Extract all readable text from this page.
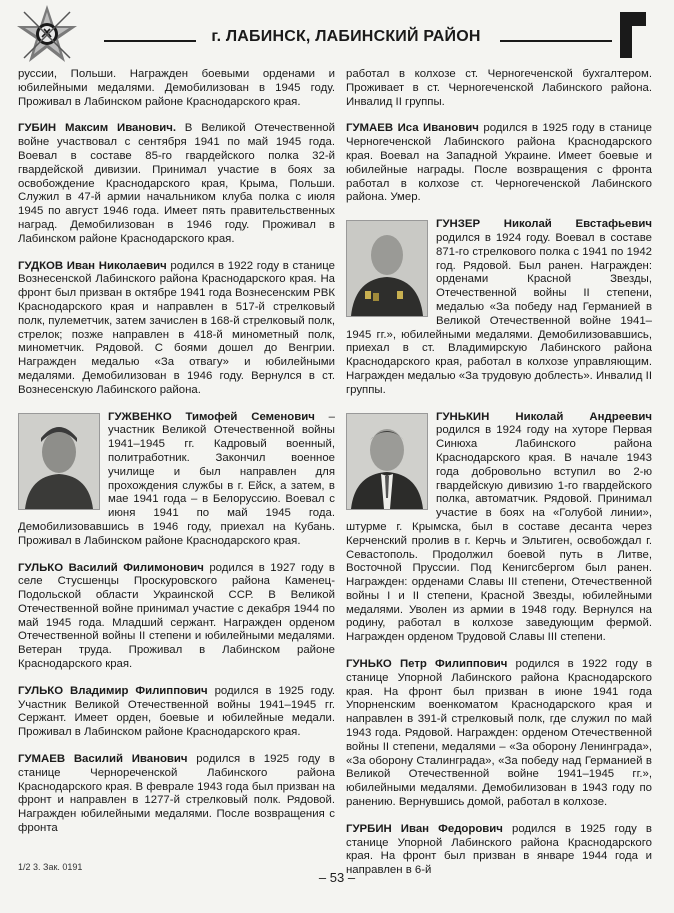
г. ЛАБИНСК, ЛАБИНСКИЙ РАЙОН

руссии, Польши. Награжден боевыми орденами и юбилейными медалями. Демобилизован в 1945 году. Проживал в Лабинском районе Краснодарского края.

ГУБИН Максим Иванович. В Великой Отечественной войне участвовал с сентября 1941 по май 1945 года. Воевал в составе 85-го гвардейского полка 32-й гвардейской дивизии. Принимал участие в боях за освобождение Краснодарского края, Крыма, Польши. Служил в 47-й армии начальником клуба полка с июля 1945 по август 1946 года. Имеет пять правительственных наград. Демобилизован в 1946 году. Проживал в Лабинском районе Краснодарского края.

ГУДКОВ Иван Николаевич родился в 1922 году в станице Вознесенской Лабинского района Краснодарского края. На фронт был призван в октябре 1941 года Вознесенским РВК Краснодарского края и направлен в 517-й стрелковый полк, пулеметчик, затем зачислен в 168-й стрелковый полк, стрелок; позже направлен в 418-й минометный полк, минометчик. Рядовой. С боями дошел до Венгрии. Награжден медалью «За отвагу» и юбилейными медалями. Демобилизован в 1946 году. Вернулся в ст. Вознесенскую Лабинского района.

ГУЖВЕНКО Тимофей Семенович – участник Великой Отечественной войны 1941–1945 гг. Кадровый военный, политработник. Закончил военное училище и был направлен для прохождения службы в г. Ейск, а затем, в мае 1941 года – в Белоруссию. Воевал с июня 1941 по май 1945 года. Демобилизовавшись в 1946 году, приехал на Кубань. Проживал в Лабинском районе Краснодарского края.

ГУЛЬКО Василий Филимонович родился в 1927 году в селе Стусшенцы Проскуровского района Каменец-Подольской области Украинской ССР. В Великой Отечественной войне принимал участие с декабря 1944 по май 1945 года. Младший сержант. Награжден орденом Отечественной войны II степени и юбилейными медалями. Ветеран труда. Проживал в Лабинском районе Краснодарского края.

ГУЛЬКО Владимир Филиппович родился в 1925 году. Участник Великой Отечественной войны 1941–1945 гг. Сержант. Имеет орден, боевые и юбилейные медали. Проживал в Лабинском районе Краснодарского края.

ГУМАЕВ Василий Иванович родился в 1925 году в станице Чернореченской Лабинского района Краснодарского края. В феврале 1943 года был призван на фронт и направлен в 1277-й стрелковый полк. Рядовой. Награжден юбилейными медалями. После возвращения с фронта

работал в колхозе ст. Черноreченской бухгалтером. Проживает в ст. Черноreченской Лабинского района. Инвалид II группы.

ГУМАЕВ Иса Иванович родился в 1925 году в станице Черноreченской Лабинского района Краснодарского края. Воевал на Западной Украине. Имеет боевые и юбилейные награды. После возвращения с фронта работал в колхозе ст. Черноreченской Лабинского района. Умер.

ГУНЗЕР Николай Евстафьевич родился в 1924 году. Воевал в составе 871-го стрелкового полка с 1941 по 1942 год. Рядовой. Был ранен. Награжден: орденами Красной Звезды, Отечественной войны II степени, медалью «За победу над Германией в Великой Отечественной войне 1941–1945 гг.», юбилейными медалями. Демобилизовавшись, приехал в ст. Владимирскую Лабинского района Краснодарского края, работал в колхозе управляющим. Награжден медалью «За трудовую доблесть». Инвалид II группы.

ГУНЬКИН Николай Андреевич родился в 1924 году на хуторе Первая Синюха Лабинского района Краснодарского края. В начале 1943 года добровольно вступил во 2-ю гвардейскую дивизию 1-го гвардейского полка, автоматчик. Рядовой. Принимал участие в боях на «Голубой линии», штурме г. Крымска, был в составе десанта через Керченский пролив в г. Керчь и Эльтиген, освобождал г. Севастополь. Продолжил боевой путь в Литве, Восточной Пруссии. Под Кенигсбергом был ранен. Награжден: орденами Славы III степени, Отечественной войны I и II степени, Красной Звезды, юбилейными медалями. Уволен из армии в 1948 году. Вернулся на родину, работал в колхозе заведующим фермой. Награжден орденом Трудовой Славы III степени.

ГУНЬКО Петр Филиппович родился в 1922 году в станице Упорной Лабинского района Краснодарского края. На фронт был призван в июне 1941 года Упорненским военкоматом Краснодарского края и направлен в 391-й стрелковый полк, где служил по май 1943 года. Рядовой. Награжден: орденом Отечественной войны II степени, медалями – «За оборону Ленинграда», «За оборону Сталинграда», «За победу над Германией в Великой Отечественной войне 1941–1945 гг.», юбилейными медалями. Демобилизован в 1943 году по ранению. Вернувшись домой, работал в колхозе.

ГУРБИН Иван Федорович родился в 1925 году в станице Упорной Лабинского района Краснодарского края. На фронт был призван в январе 1944 года и направлен в 6-й

1/2 3. Зак. 0191
– 53 –
